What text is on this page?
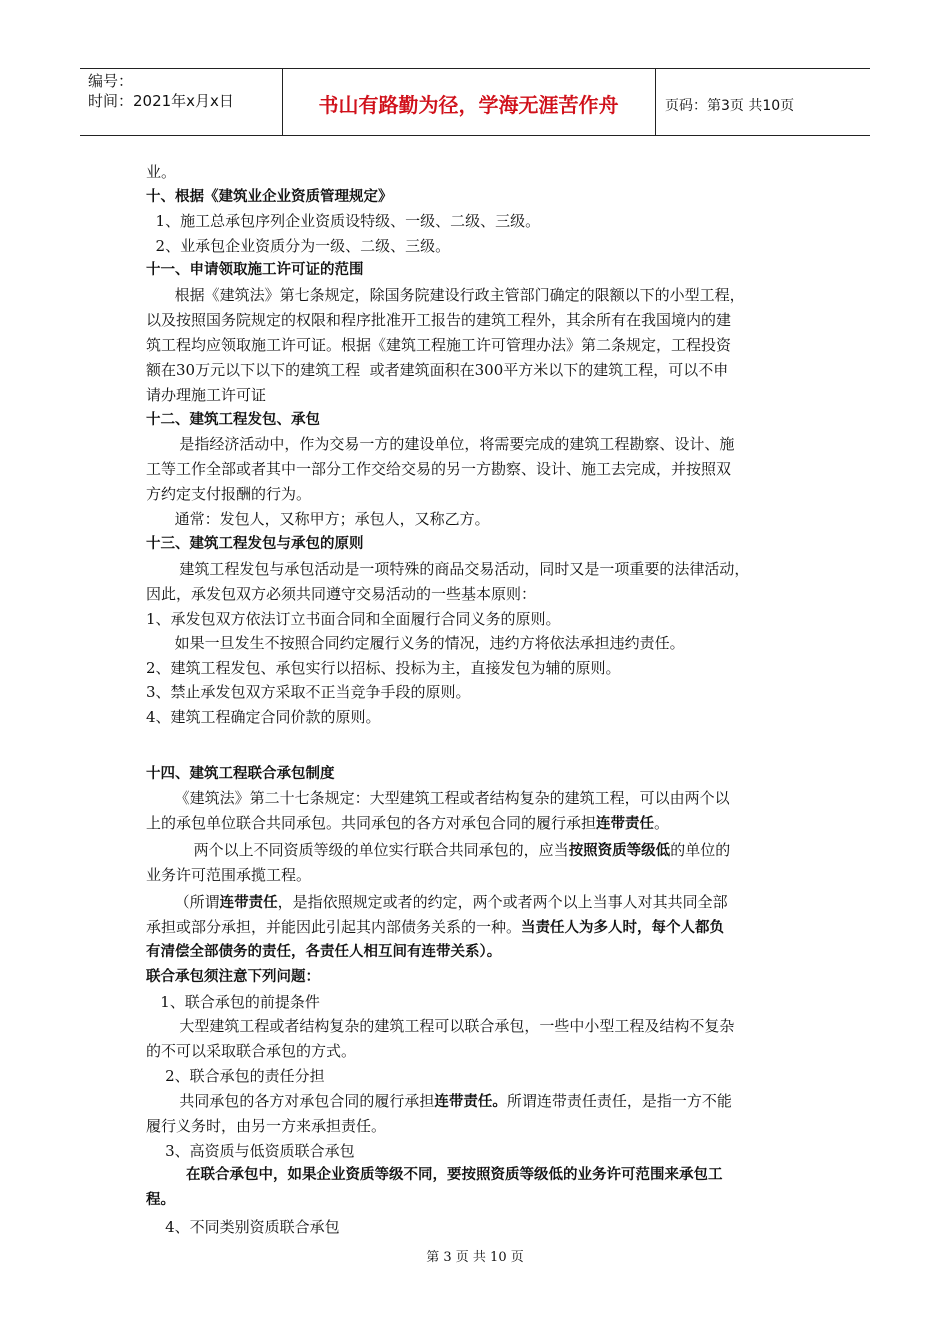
编号：
时间：2021年x月x日	书山有路勤为径，学海无涯苦作舟	页码：第3页 共10页
业。
十、根据《建筑业企业资质管理规定》
1、施工总承包序列企业资质设特级、一级、二级、三级。
2、业承包企业资质分为一级、二级、三级。
十一、申请领取施工许可证的范围
根据《建筑法》第七条规定，除国务院建设行政主管部门确定的限额以下的小型工程，
以及按照国务院规定的权限和程序批准开工报告的建筑工程外，其余所有在我国境内的建
筑工程均应领取施工许可证。根据《建筑工程施工许可管理办法》第二条规定，工程投资
额在30万元以下以下的建筑工程  或者建筑面积在300平方米以下的建筑工程，可以不申
请办理施工许可证
十二、建筑工程发包、承包
是指经济活动中，作为交易一方的建设单位，将需要完成的建筑工程勘察、设计、施
工等工作全部或者其中一部分工作交给交易的另一方勘察、设计、施工去完成，并按照双
方约定支付报酬的行为。
通常：发包人，又称甲方；承包人，又称乙方。
十三、建筑工程发包与承包的原则
建筑工程发包与承包活动是一项特殊的商品交易活动，同时又是一项重要的法律活动，
因此，承发包双方必须共同遵守交易活动的一些基本原则：
1、承发包双方依法订立书面合同和全面履行合同义务的原则。
如果一旦发生不按照合同约定履行义务的情况，违约方将依法承担违约责任。
2、建筑工程发包、承包实行以招标、投标为主，直接发包为辅的原则。
3、禁止承发包双方采取不正当竞争手段的原则。
4、建筑工程确定合同价款的原则。
十四、建筑工程联合承包制度
《建筑法》第二十七条规定：大型建筑工程或者结构复杂的建筑工程，可以由两个以
上的承包单位联合共同承包。共同承包的各方对承包合同的履行承担连带责任。
两个以上不同资质等级的单位实行联合共同承包的，应当按照资质等级低的单位的
业务许可范围承揽工程。
（所谓连带责任，是指依照规定或者的约定，两个或者两个以上当事人对其共同全部
承担或部分承担，并能因此引起其内部债务关系的一种。当责任人为多人时，每个人都负
有清偿全部债务的责任，各责任人相互间有连带关系）。
联合承包须注意下列问题：
1、联合承包的前提条件
大型建筑工程或者结构复杂的建筑工程可以联合承包，一些中小型工程及结构不复杂
的不可以采取联合承包的方式。
2、联合承包的责任分担
共同承包的各方对承包合同的履行承担连带责任。所谓连带责任责任，是指一方不能
履行义务时，由另一方来承担责任。
3、高资质与低资质联合承包
在联合承包中，如果企业资质等级不同，要按照资质等级低的业务许可范围来承包工
程。
4、不同类别资质联合承包
第 3 页 共 10 页
